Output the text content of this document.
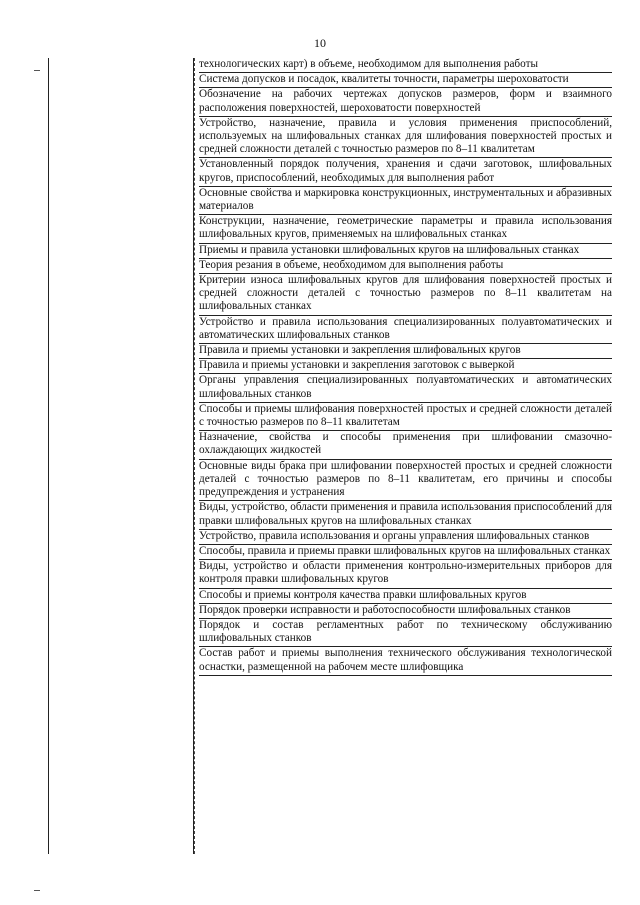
10
технологических карт) в объеме, необходимом для выполнения работы
Система допусков и посадок, квалитеты точности, параметры шероховатости
Обозначение на рабочих чертежах допусков размеров, форм и взаимного расположения поверхностей, шероховатости поверхностей
Устройство, назначение, правила и условия применения приспособлений, используемых на шлифовальных станках для шлифования поверхностей простых и средней сложности деталей с точностью размеров по 8–11 квалитетам
Установленный порядок получения, хранения и сдачи заготовок, шлифовальных кругов, приспособлений, необходимых для выполнения работ
Основные свойства и маркировка конструкционных, инструментальных и абразивных материалов
Конструкции, назначение, геометрические параметры и правила использования шлифовальных кругов, применяемых на шлифовальных станках
Приемы и правила установки шлифовальных кругов на шлифовальных станках
Теория резания в объеме, необходимом для выполнения работы
Критерии износа шлифовальных кругов для шлифования поверхностей простых и средней сложности деталей с точностью размеров по 8–11 квалитетам на шлифовальных станках
Устройство и правила использования специализированных полуавтоматических и автоматических шлифовальных станков
Правила и приемы установки и закрепления шлифовальных кругов
Правила и приемы установки и закрепления заготовок с выверкой
Органы управления специализированных полуавтоматических и автоматических шлифовальных станков
Способы и приемы шлифования поверхностей простых и средней сложности деталей с точностью размеров по 8–11 квалитетам
Назначение, свойства и способы применения при шлифовании смазочно-охлаждающих жидкостей
Основные виды брака при шлифовании поверхностей простых и средней сложности деталей с точностью размеров по 8–11 квалитетам, его причины и способы предупреждения и устранения
Виды, устройство, области применения и правила использования приспособлений для правки шлифовальных кругов на шлифовальных станках
Устройство, правила использования и органы управления шлифовальных станков
Способы, правила и приемы правки шлифовальных кругов на шлифовальных станках
Виды, устройство и области применения контрольно-измерительных приборов для контроля правки шлифовальных кругов
Способы и приемы контроля качества правки шлифовальных кругов
Порядок проверки исправности и работоспособности шлифовальных станков
Порядок и состав регламентных работ по техническому обслуживанию шлифовальных станков
Состав работ и приемы выполнения технического обслуживания технологической оснастки, размещенной на рабочем месте шлифовщика
